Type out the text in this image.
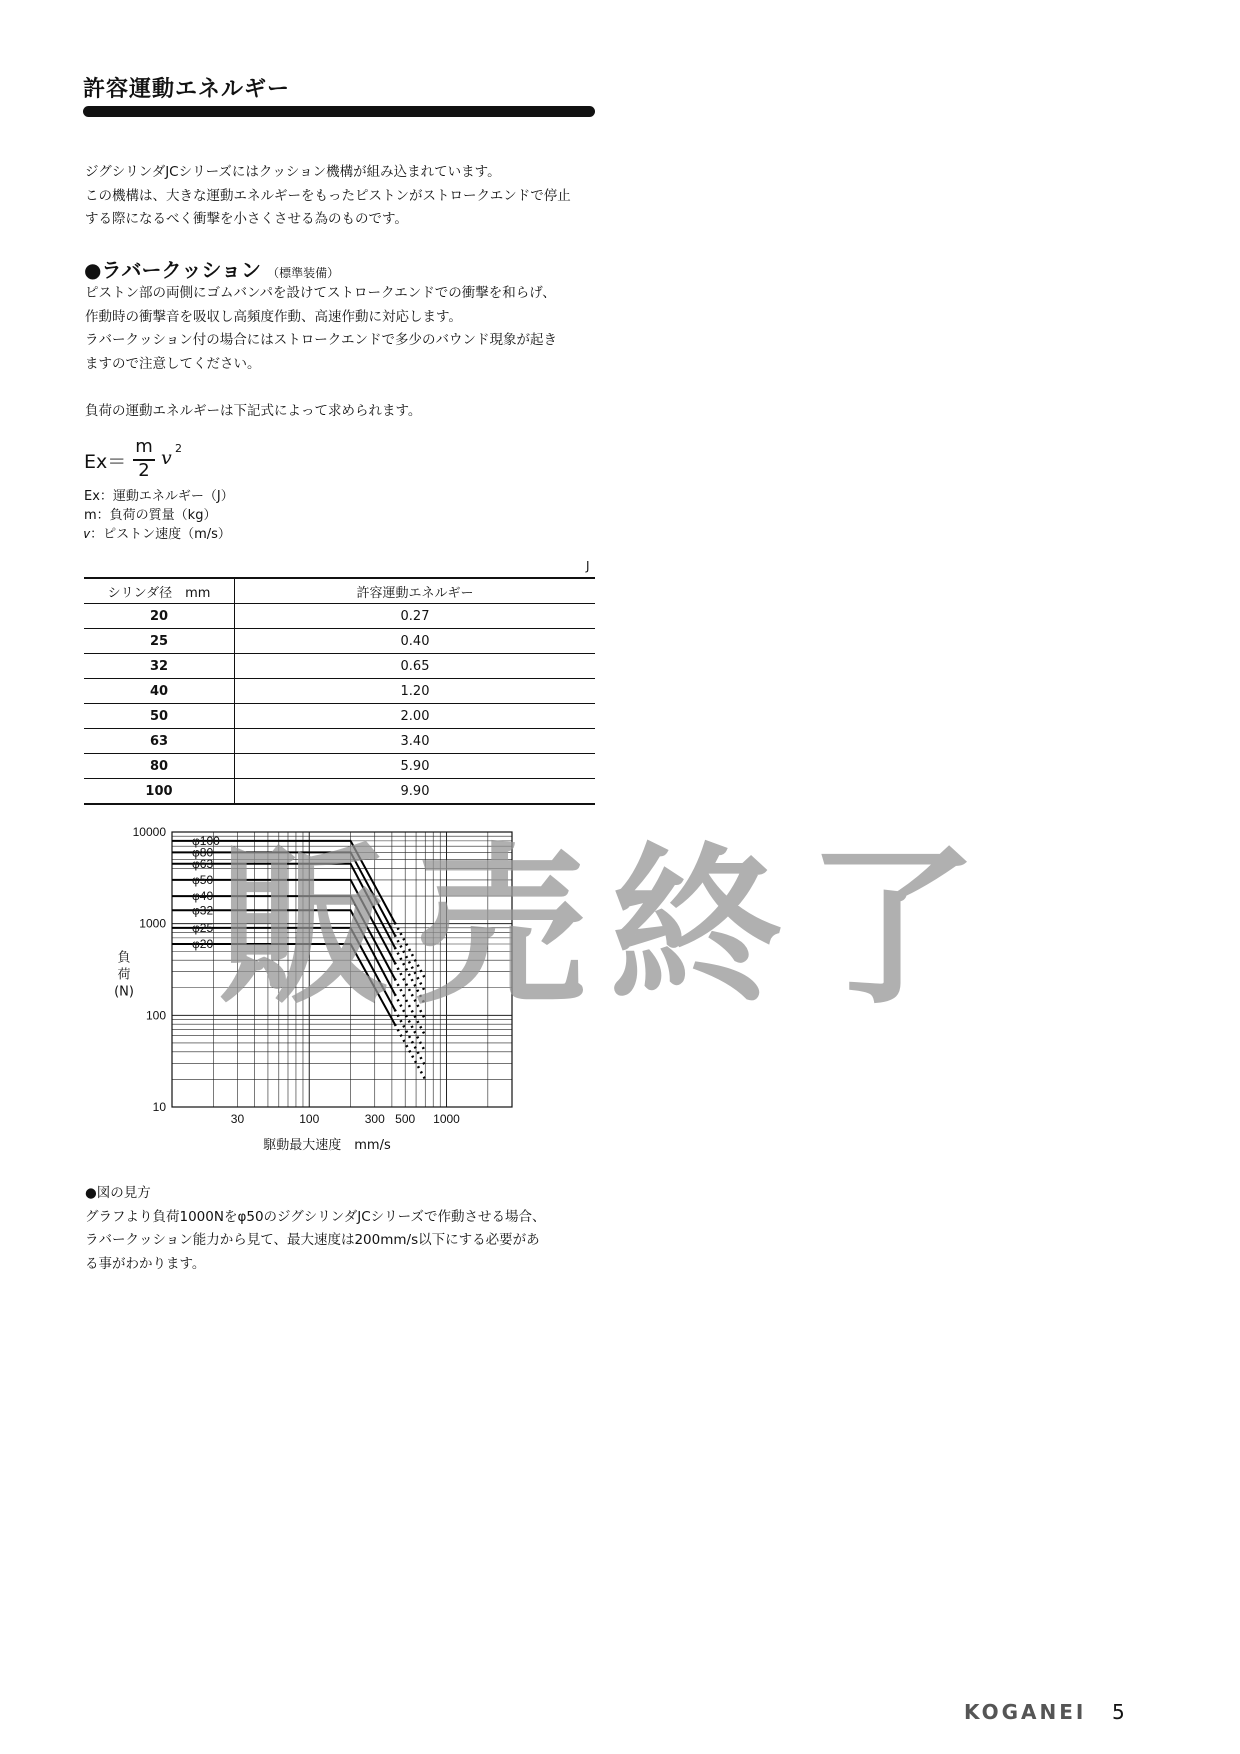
許容運動エネルギー
ジグシリンダJCシリーズにはクッション機構が組み込まれています。
この機構は、大きな運動エネルギーをもったピストンがストロークエンドで停止
する際になるべく衝撃を小さくさせる為のものです。
●ラバークッション （標準装備）
ピストン部の両側にゴムバンパを設けてストロークエンドでの衝撃を和らげ、
作動時の衝撃音を吸収し高頻度作動、高速作動に対応します。
ラバークッション付の場合にはストロークエンドで多少のバウンド現象が起き
ますので注意してください。
負荷の運動エネルギーは下記式によって求められます。
Ex＝
m
2
𝑣 2
Ex：運動エネルギー（J）
m：負荷の質量（kg）
𝑣：ピストン速度（m/s）
J
シリンダ径　mm	許容運動エネルギー
20	0.27
25	0.40
32	0.65
40	1.20
50	2.00
63	3.40
80	5.90
100	9.90
φ100
φ80
φ63
φ50
φ40
φ32
φ25
φ20
10
100
1000
10000
30	100	300 500 1000
駆動最大速度　mm/s
負荷(N) 販売終了
●図の見方
グラフより負荷1000Nをφ50のジグシリンダJCシリーズで作動させる場合、
ラバークッション能力から見て、最大速度は200mm/s以下にする必要があ
る事がわかります。
KOGANEI 5
